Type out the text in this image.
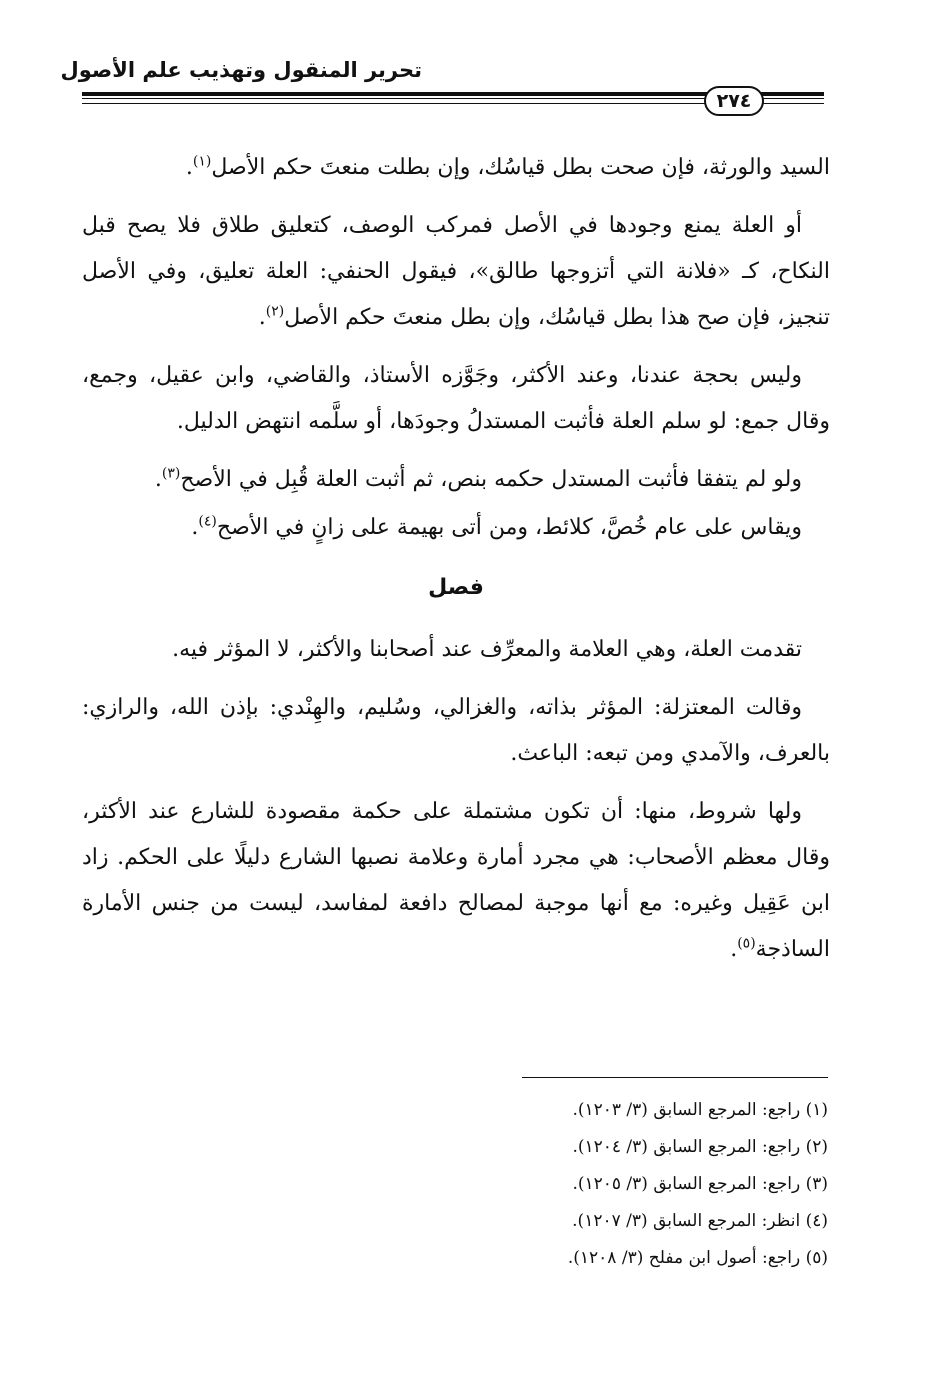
تحرير المنقول وتهذيب علم الأصول
٢٧٤

السيد والورثة، فإن صحت بطل قياسُك، وإن بطلت منعتَ حكم الأصل$^{(١)}$.

أو العلة يمنع وجودها في الأصل فمركب الوصف، كتعليق طلاق فلا يصح قبل النكاح، كـ «فلانة التي أتزوجها طالق»، فيقول الحنفي: العلة تعليق، وفي الأصل تنجيز، فإن صح هذا بطل قياسُك، وإن بطل منعتَ حكم الأصل$^{(٢)}$.

وليس بحجة عندنا، وعند الأكثر، وجَوَّزه الأستاذ، والقاضي، وابن عقيل، وجمع، وقال جمع: لو سلم العلة فأثبت المستدلُ وجودَها، أو سلَّمه انتهض الدليل.

ولو لم يتفقا فأثبت المستدل حكمه بنص، ثم أثبت العلة قُبِل في الأصح$^{(٣)}$.

ويقاس على عام خُصَّ، كلائط، ومن أتى بهيمة على زانٍ في الأصح$^{(٤)}$.

فصل

تقدمت العلة، وهي العلامة والمعرِّف عند أصحابنا والأكثر، لا المؤثر فيه.

وقالت المعتزلة: المؤثر بذاته، والغزالي، وسُليم، والهِنْدي: بإذن الله، والرازي: بالعرف، والآمدي ومن تبعه: الباعث.

ولها شروط، منها: أن تكون مشتملة على حكمة مقصودة للشارع عند الأكثر، وقال معظم الأصحاب: هي مجرد أمارة وعلامة نصبها الشارع دليلًا على الحكم. زاد ابن عَقِيل وغيره: مع أنها موجبة لمصالح دافعة لمفاسد، ليست من جنس الأمارة الساذجة$^{(٥)}$.

(١) راجع: المرجع السابق (٣/ ١٢٠٣).
(٢) راجع: المرجع السابق (٣/ ١٢٠٤).
(٣) راجع: المرجع السابق (٣/ ١٢٠٥).
(٤) انظر: المرجع السابق (٣/ ١٢٠٧).
(٥) راجع: أصول ابن مفلح (٣/ ١٢٠٨).
